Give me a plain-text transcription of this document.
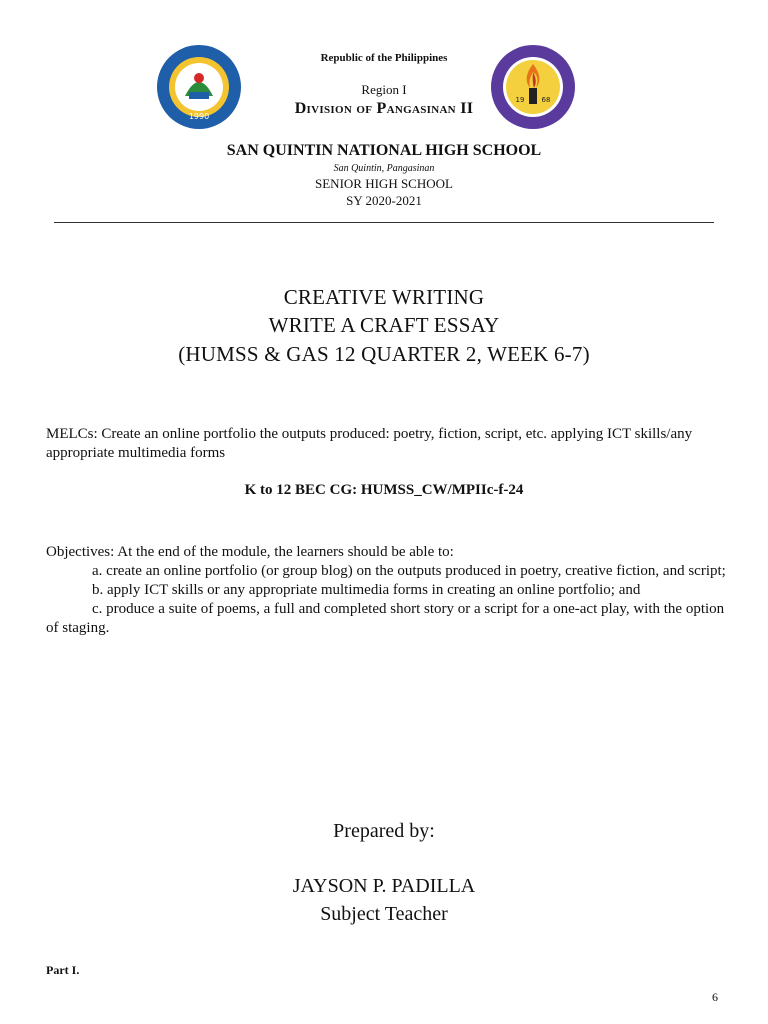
Republic of the Philippines
Region I
Division of Pangasinan II
1990
19 68
SAN QUINTIN NATIONAL HIGH SCHOOL
San Quintin, Pangasinan
SENIOR HIGH SCHOOL
SY 2020-2021
CREATIVE WRITING
WRITE A CRAFT ESSAY
(HUMSS & GAS 12 QUARTER 2, WEEK 6-7)
MELCs: Create an online portfolio the outputs produced: poetry, fiction, script, etc. applying ICT skills/any appropriate multimedia forms
K to 12 BEC CG: HUMSS_CW/MPIIc-f-24
Objectives: At the end of the module, the learners should be able to:
a. create an online portfolio (or group blog) on the outputs produced in poetry, creative fiction, and script;
b. apply ICT skills or any appropriate multimedia forms in creating an online portfolio; and
c. produce a suite of poems, a full and completed short story or a script for a one-act play, with the option of staging.
Prepared by:
JAYSON P. PADILLA
Subject Teacher
Part I.
6
